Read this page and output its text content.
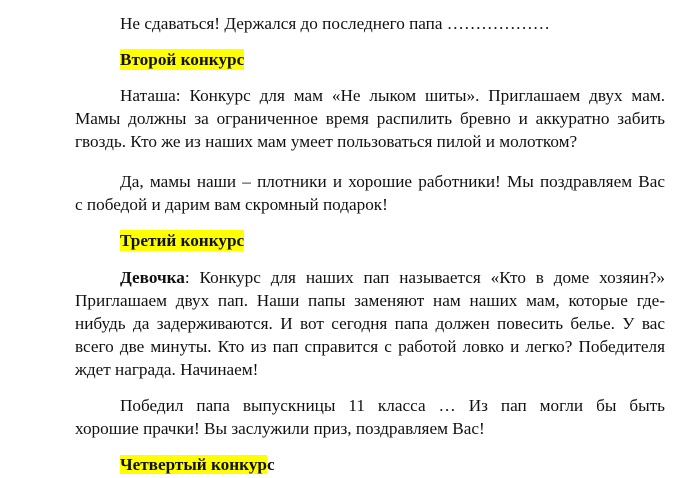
Не сдаваться! Держался до последнего папа ………………
Второй конкурс
Наташа: Конкурс для мам «Не лыком шиты». Приглашаем двух мам.
Мамы должны за ограниченное время распилить бревно и аккуратно забить
гвоздь. Кто же из наших мам умеет пользоваться пилой и молотком?
Да, мамы наши – плотники и хорошие работники! Мы поздравляем Вас
с победой и дарим вам скромный подарок!
Третий конкурс
Девочка: Конкурс для наших пап называется «Кто в доме хозяин?»
Приглашаем двух пап. Наши папы заменяют нам наших мам, которые где-
нибудь да задерживаются. И вот сегодня папа должен повесить белье. У вас
всего две минуты. Кто из пап справится с работой ловко и легко? Победителя
ждет награда. Начинаем!
Победил папа выпускницы 11 класса … Из пап могли бы быть
хорошие прачки! Вы заслужили приз, поздравляем Вас!
Четвертый конкурс
